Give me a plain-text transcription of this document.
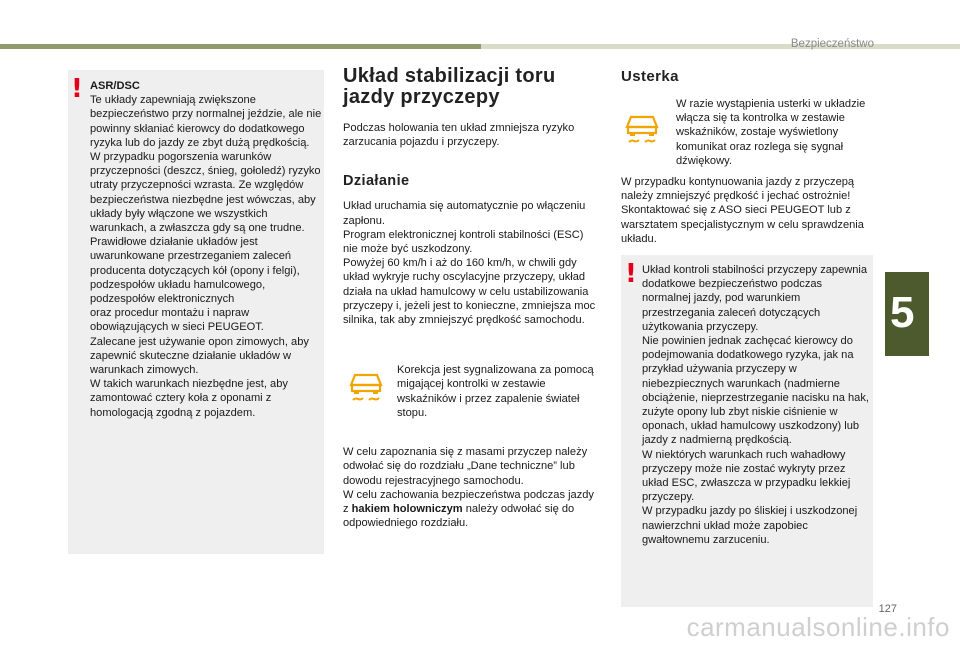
Bezpieczeństwo
5
! ASR/DSC
Te układy zapewniają zwiększone bezpieczeństwo przy normalnej jeździe, ale nie powinny skłaniać kierowcy do dodatkowego ryzyka lub do jazdy ze zbyt dużą prędkością.
W przypadku pogorszenia warunków przyczepności (deszcz, śnieg, gołoledź) ryzyko utraty przyczepności wzrasta. Ze względów bezpieczeństwa niezbędne jest wówczas, aby układy były włączone we wszystkich warunkach, a zwłaszcza gdy są one trudne.
Prawidłowe działanie układów jest uwarunkowane przestrzeganiem zaleceń producenta dotyczących kół (opony i felgi), podzespołów układu hamulcowego, podzespołów elektronicznych
oraz procedur montażu i napraw obowiązujących w sieci PEUGEOT.
Zalecane jest używanie opon zimowych, aby zapewnić skuteczne działanie układów w warunkach zimowych.
W takich warunkach niezbędne jest, aby zamontować cztery koła z oponami z homologacją zgodną z pojazdem.
Układ stabilizacji toru jazdy przyczepy

Podczas holowania ten układ zmniejsza ryzyko zarzucania pojazdu i przyczepy.

Działanie

Układ uruchamia się automatycznie po włączeniu zapłonu.
Program elektronicznej kontroli stabilności (ESC) nie może być uszkodzony.
Powyżej 60 km/h i aż do 160 km/h, w chwili gdy układ wykryje ruchy oscylacyjne przyczepy, układ działa na układ hamulcowy w celu ustabilizowania przyczepy i, jeżeli jest to konieczne, zmniejsza moc silnika, tak aby zmniejszyć prędkość samochodu.

Korekcja jest sygnalizowana za pomocą migającej kontrolki w zestawie wskaźników i przez zapalenie świateł stopu.

W celu zapoznania się z masami przyczep należy odwołać się do rozdziału „Dane techniczne” lub dowodu rejestracyjnego samochodu.
W celu zachowania bezpieczeństwa podczas jazdy z hakiem holowniczym należy odwołać się do odpowiedniego rozdziału.

Usterka

W razie wystąpienia usterki w układzie włącza się ta kontrolka w zestawie wskaźników, zostaje wyświetlony komunikat oraz rozlega się sygnał dźwiękowy.

W przypadku kontynuowania jazdy z przyczepą należy zmniejszyć prędkość i jechać ostrożnie!
Skontaktować się z ASO sieci PEUGEOT lub z warsztatem specjalistycznym w celu sprawdzenia układu.

! Układ kontroli stabilności przyczepy zapewnia dodatkowe bezpieczeństwo podczas normalnej jazdy, pod warunkiem przestrzegania zaleceń dotyczących użytkowania przyczepy.
Nie powinien jednak zachęcać kierowcy do podejmowania dodatkowego ryzyka, jak na przykład używania przyczepy w niebezpiecznych warunkach (nadmierne obciążenie, nieprzestrzeganie nacisku na hak, zużyte opony lub zbyt niskie ciśnienie w oponach, układ hamulcowy uszkodzony) lub jazdy z nadmierną prędkością.
W niektórych warunkach ruch wahadłowy przyczepy może nie zostać wykryty przez układ ESC, zwłaszcza w przypadku lekkiej przyczepy.
W przypadku jazdy po śliskiej i uszkodzonej nawierzchni układ może zapobiec gwałtownemu zarzuceniu.
127
carmanualsonline.info
